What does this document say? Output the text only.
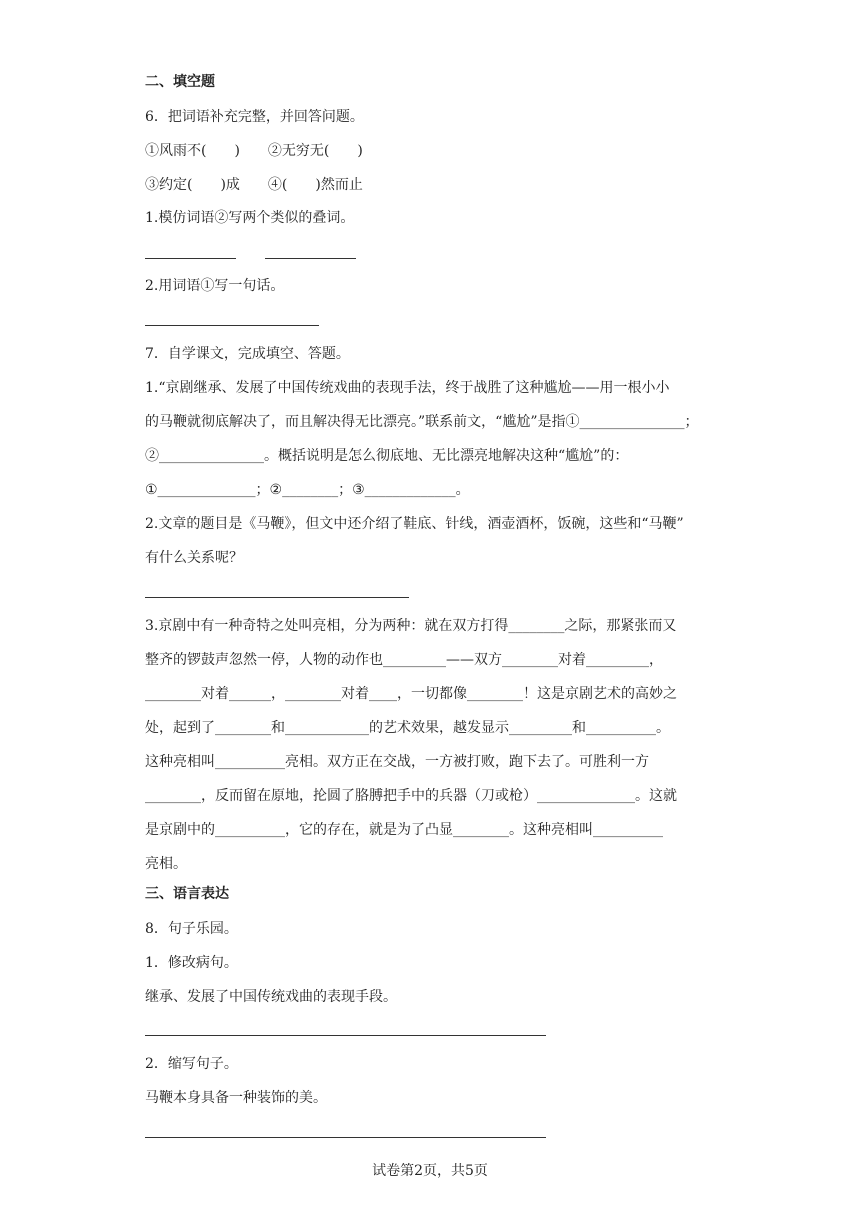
二、填空题
6．把词语补充完整，并回答问题。
①风雨不(　　)　　②无穷无(　　)
③约定(　　)成　　④(　　)然而止
1.模仿词语②写两个类似的叠词。
2.用词语①写一句话。
7．自学课文，完成填空、答题。
1.“京剧继承、发展了中国传统戏曲的表现手法，终于战胜了这种尴尬——用一根小小
的马鞭就彻底解决了，而且解决得无比漂亮。”联系前文，“尴尬”是指①_______________；
②_______________。概括说明是怎么彻底地、无比漂亮地解决这种“尴尬”的：
①______________；②________；③_____________。
2.文章的题目是《马鞭》，但文中还介绍了鞋底、针线，酒壶酒杯，饭碗，这些和“马鞭”
有什么关系呢？
3.京剧中有一种奇特之处叫亮相，分为两种：就在双方打得________之际，那紧张而又
整齐的锣鼓声忽然一停，人物的动作也_________——双方________对着_________，
________对着______，________对着____，一切都像________！这是京剧艺术的高妙之
处，起到了________和____________的艺术效果，越发显示_________和__________。
这种亮相叫__________亮相。双方正在交战，一方被打败，跑下去了。可胜利一方
________，反而留在原地，抡圆了胳膊把手中的兵器（刀或枪）______________。这就
是京剧中的__________，它的存在，就是为了凸显________。这种亮相叫__________
亮相。
三、语言表达
8．句子乐园。
1．修改病句。
继承、发展了中国传统戏曲的表现手段。
2．缩写句子。
马鞭本身具备一种装饰的美。
试卷第2页，共5页
